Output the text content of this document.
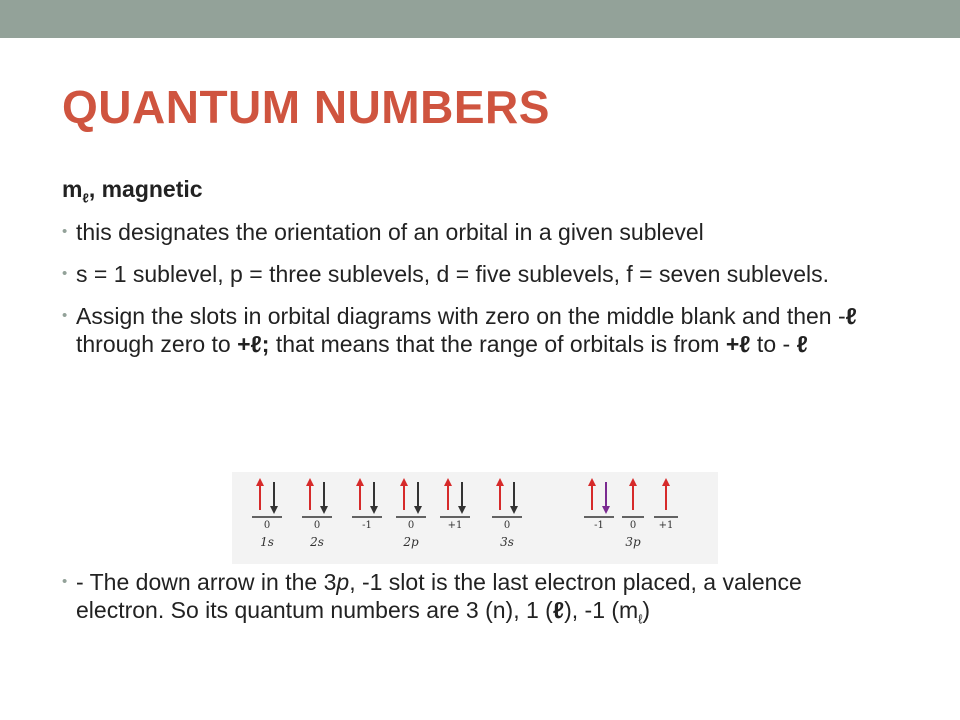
QUANTUM NUMBERS
$m_\ell$, magnetic
• this designates the orientation of an orbital in a given sublevel
• s = 1 sublevel, p = three sublevels, d = five sublevels, f = seven sublevels.
• Assign the slots in orbital diagrams with zero on the middle blank and then -ℓ through zero to +ℓ; that means that the range of orbitals is from +ℓ to - ℓ
0	0	-1	0	+1	0	-1	0 +1
1s	2s	2p	3s	3p
• - The down arrow in the 3p, -1 slot is the last electron placed, a valence electron. So its quantum numbers are 3 (n), 1 (ℓ), -1 $(m_\ell)$
